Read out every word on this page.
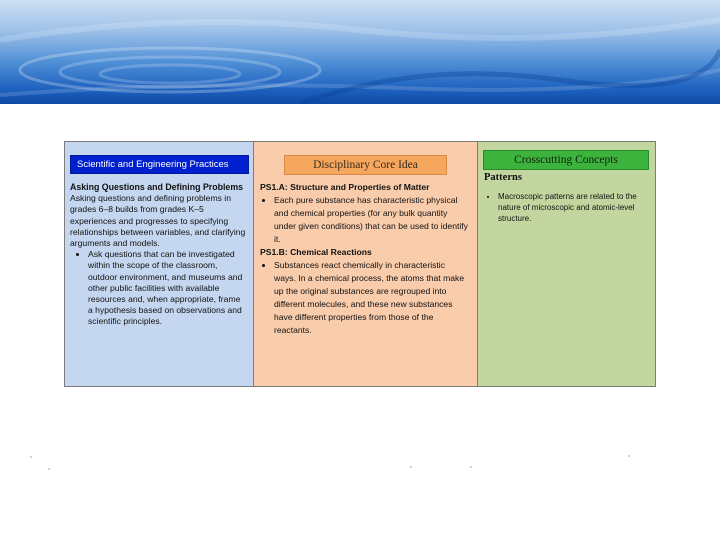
Scientific and Engineering Practices
Asking Questions and Defining Problems
Asking questions and defining problems in grades 6–8 builds from grades K–5 experiences and progresses to specifying relationships between variables, and clarifying arguments and models.
• Ask questions that can be investigated within the scope of the classroom, outdoor environment, and museums and other public facilities with available resources and, when appropriate, frame a hypothesis based on observations and scientific principles.
Disciplinary Core Idea
PS1.A: Structure and Properties of Matter
• Each pure substance has characteristic physical and chemical properties (for any bulk quantity under given conditions) that can be used to identify it.
PS1.B: Chemical Reactions
• Substances react chemically in characteristic ways. In a chemical process, the atoms that make up the original substances are regrouped into different molecules, and these new substances have different properties from those of the reactants.
Crosscutting Concepts
Patterns
• Macroscopic patterns are related to the nature of microscopic and atomic-level structure.
